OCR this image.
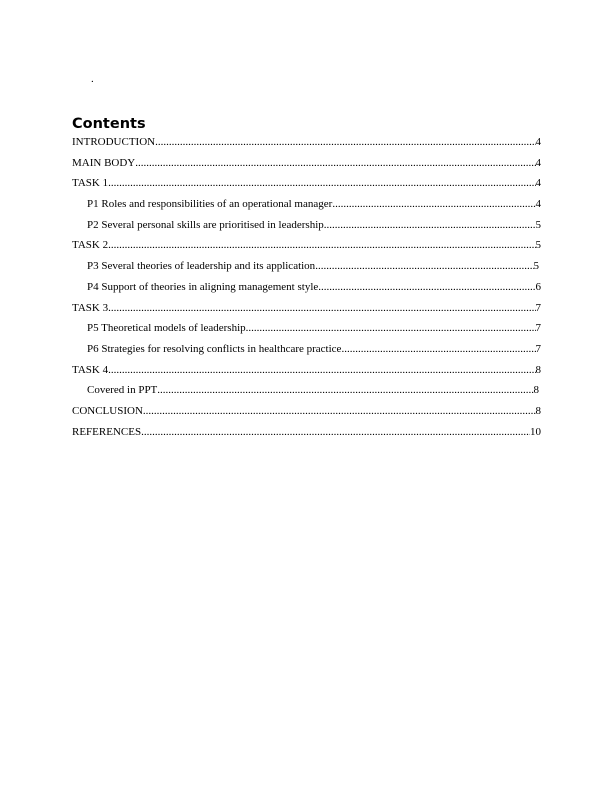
.
Contents
INTRODUCTION .....	4
MAIN BODY .....	4
TASK 1 .....	4
P1 Roles and responsibilities of an operational manager .....	4
P2 Several personal skills are prioritised in leadership .....	5
TASK 2 .....	5
P3 Several theories of leadership and its application .....	5
P4 Support of theories in aligning management style .....	6
TASK 3 .....	7
P5 Theoretical models of leadership .....	7
P6 Strategies for resolving conflicts in healthcare practice .....	7
TASK 4 .....	8
Covered in PPT .....	8
CONCLUSION .....	8
REFERENCES .....	10
